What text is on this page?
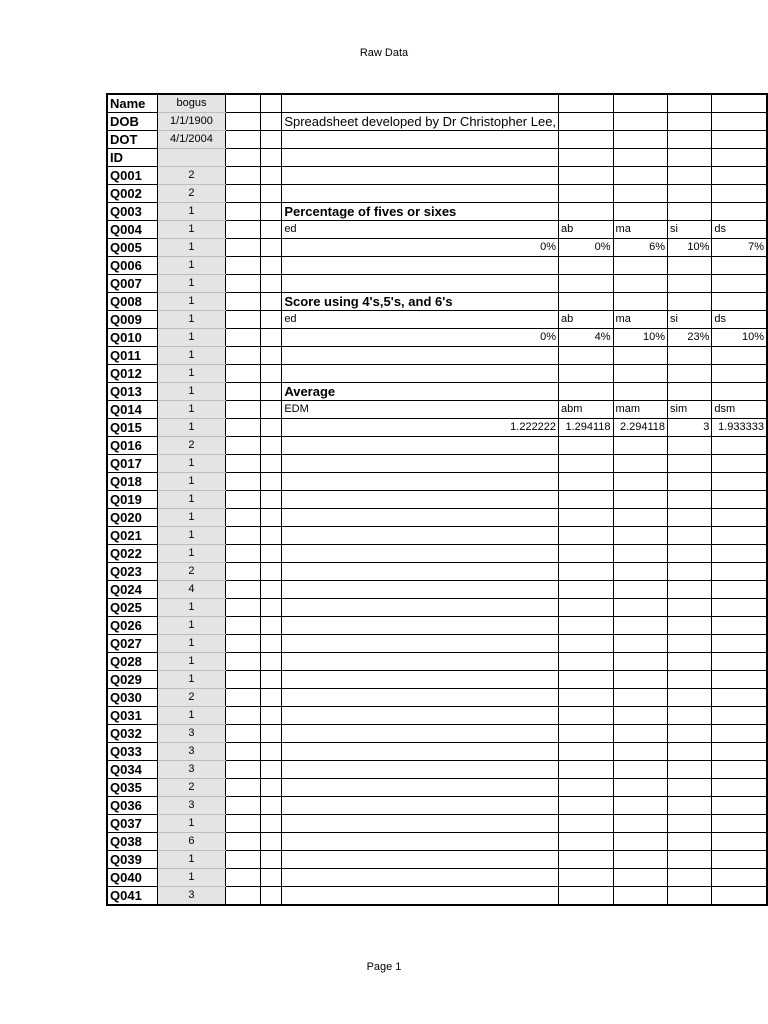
Raw Data
Name	bogus							
DOB	1/1/1900			Spreadsheet developed by Dr Christopher Lee,				
DOT	4/1/2004							
ID								
Q001	2							
Q002	2							
Q003	1			Percentage of fives or sixes				
Q004	1			ed	ab	ma	si	ds
Q005	1			0%	0%	6%	10%	7%
Q006	1							
Q007	1							
Q008	1			Score using 4's,5's, and 6's				
Q009	1			ed	ab	ma	si	ds
Q010	1			0%	4%	10%	23%	10%
Q011	1							
Q012	1							
Q013	1			Average				
Q014	1			EDM	abm	mam	sim	dsm
Q015	1			1.222222	1.294118	2.294118	3	1.933333
Q016	2							
Q017	1							
Q018	1							
Q019	1							
Q020	1							
Q021	1							
Q022	1							
Q023	2							
Q024	4							
Q025	1							
Q026	1							
Q027	1							
Q028	1							
Q029	1							
Q030	2							
Q031	1							
Q032	3							
Q033	3							
Q034	3							
Q035	2							
Q036	3							
Q037	1							
Q038	6							
Q039	1							
Q040	1							
Q041	3							
Page 1
